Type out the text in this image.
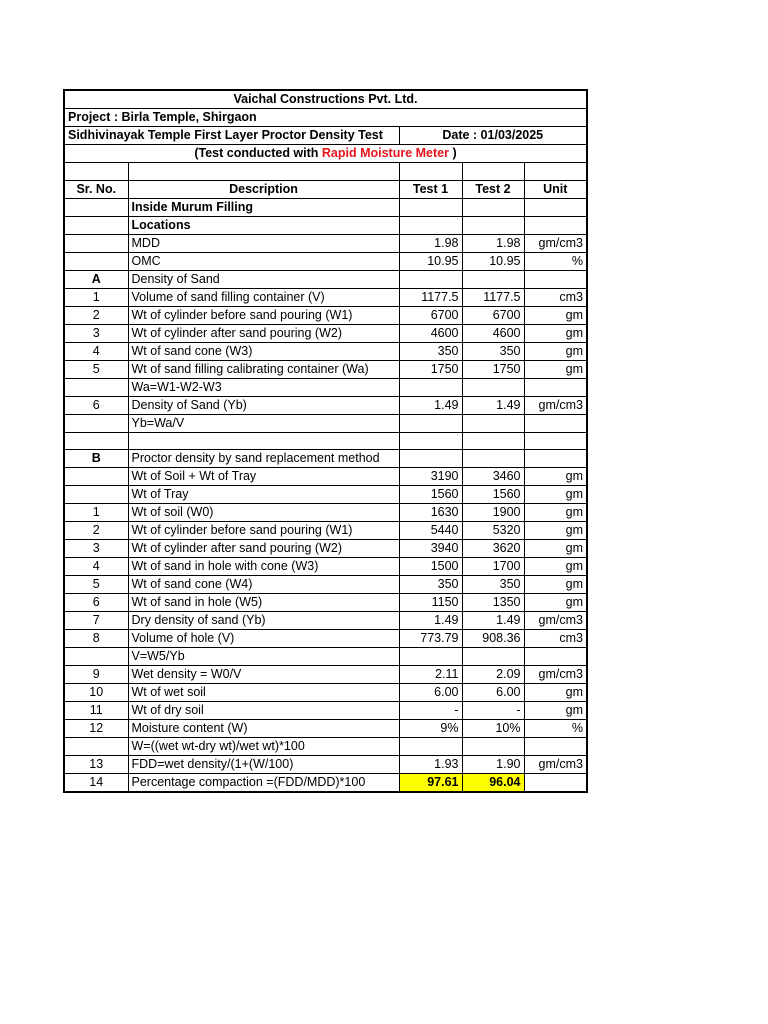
Vaichal Constructions Pvt. Ltd.				
Project : Birla Temple, Shirgaon				
Sidhivinayak Temple First Layer Proctor Density Test		Date : 01/03/2025		
(Test conducted with Rapid Moisture Meter )				

Sr. No.	Description	Test 1	Test 2	Unit
	Inside Murum Filling			
	Locations			
	MDD	1.98	1.98	gm/cm3
	OMC	10.95	10.95	%
A	Density of Sand			
1	Volume of sand filling container (V)	1177.5	1177.5	cm3
2	Wt of cylinder before sand pouring (W1)	6700	6700	gm
3	Wt of cylinder after sand pouring (W2)	4600	4600	gm
4	Wt of sand cone (W3)	350	350	gm
5	Wt of sand filling calibrating container (Wa)	1750	1750	gm
	Wa=W1-W2-W3			
6	Density of Sand (Yb)	1.49	1.49	gm/cm3
	Yb=Wa/V			

B	Proctor density by sand replacement method			
	Wt of Soil + Wt of Tray	3190	3460	gm
	Wt of Tray	1560	1560	gm
1	Wt of soil (W0)	1630	1900	gm
2	Wt of cylinder before sand pouring (W1)	5440	5320	gm
3	Wt of cylinder after sand pouring (W2)	3940	3620	gm
4	Wt of sand in hole with cone (W3)	1500	1700	gm
5	Wt of sand cone (W4)	350	350	gm
6	Wt of sand in hole (W5)	1150	1350	gm
7	Dry density of sand (Yb)	1.49	1.49	gm/cm3
8	Volume of hole (V)	773.79	908.36	cm3
	V=W5/Yb			
9	Wet density = W0/V	2.11	2.09	gm/cm3
10	Wt of wet soil	6.00	6.00	gm
11	Wt of dry soil	-	-	gm
12	Moisture content (W)	9%	10%	%
	W=((wet wt-dry wt)/wet wt)*100			
13	FDD=wet density/(1+(W/100)	1.93	1.90	gm/cm3
14	Percentage compaction =(FDD/MDD)*100	97.61	96.04	
